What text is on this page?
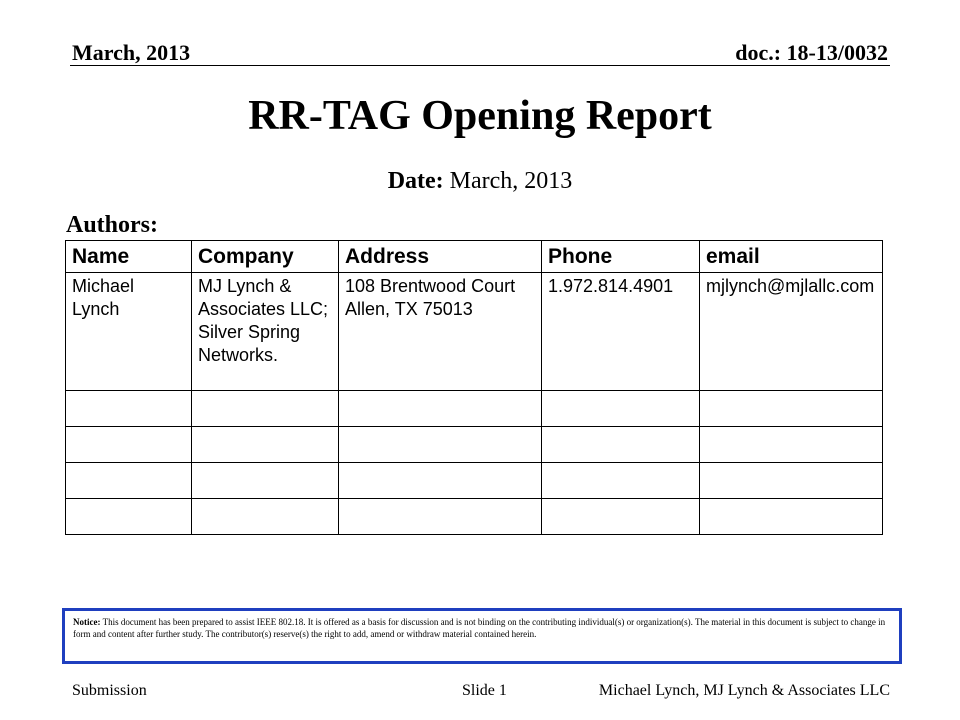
March, 2013	doc.: 18-13/0032
RR-TAG Opening Report
Date: March, 2013
Authors:
Name	Company	Address	Phone	email
Michael Lynch	MJ Lynch & Associates LLC; Silver Spring Networks.	108 Brentwood Court Allen, TX 75013	1.972.814.4901	mjlynch@mjlallc.com

Notice: This document has been prepared to assist IEEE 802.18. It is offered as a basis for discussion and is not binding on the contributing individual(s) or organization(s). The material in this document is subject to change in form and content after further study. The contributor(s) reserve(s) the right to add, amend or withdraw material contained herein.
Submission	Slide 1	Michael Lynch, MJ Lynch & Associates LLC
